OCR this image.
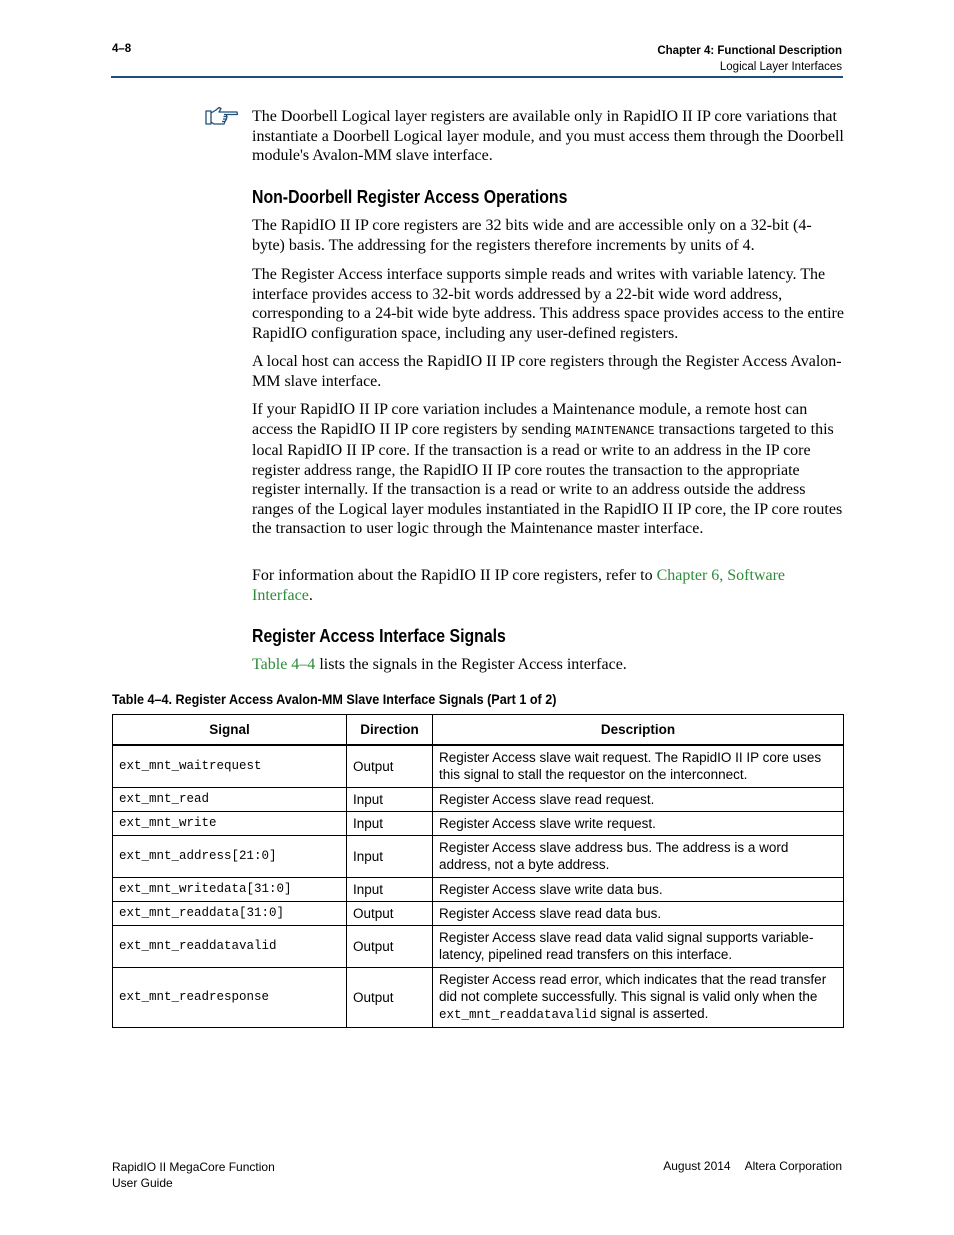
4–8	Chapter 4: Functional Description
Logical Layer Interfaces

The Doorbell Logical layer registers are available only in RapidIO II IP core variations that instantiate a Doorbell Logical layer module, and you must access them through the Doorbell module's Avalon-MM slave interface.

Non-Doorbell Register Access Operations

The RapidIO II IP core registers are 32 bits wide and are accessible only on a 32-bit (4-byte) basis. The addressing for the registers therefore increments by units of 4.

The Register Access interface supports simple reads and writes with variable latency. The interface provides access to 32-bit words addressed by a 22-bit wide word address, corresponding to a 24-bit wide byte address. This address space provides access to the entire RapidIO configuration space, including any user-defined registers.

A local host can access the RapidIO II IP core registers through the Register Access Avalon-MM slave interface.

If your RapidIO II IP core variation includes a Maintenance module, a remote host can access the RapidIO II IP core registers by sending MAINTENANCE transactions targeted to this local RapidIO II IP core. If the transaction is a read or write to an address in the IP core register address range, the RapidIO II IP core routes the transaction to the appropriate register internally. If the transaction is a read or write to an address outside the address ranges of the Logical layer modules instantiated in the RapidIO II IP core, the IP core routes the transaction to user logic through the Maintenance master interface.

For information about the RapidIO II IP core registers, refer to Chapter 6, Software Interface.

Register Access Interface Signals

Table 4–4 lists the signals in the Register Access interface.

Table 4–4. Register Access Avalon-MM Slave Interface Signals (Part 1 of 2)
Signal	Direction	Description
ext_mnt_waitrequest	Output	Register Access slave wait request. The RapidIO II IP core uses this signal to stall the requestor on the interconnect.
ext_mnt_read	Input	Register Access slave read request.
ext_mnt_write	Input	Register Access slave write request.
ext_mnt_address[21:0]	Input	Register Access slave address bus. The address is a word address, not a byte address.
ext_mnt_writedata[31:0]	Input	Register Access slave write data bus.
ext_mnt_readdata[31:0]	Output	Register Access slave read data bus.
ext_mnt_readdatavalid	Output	Register Access slave read data valid signal supports variable-latency, pipelined read transfers on this interface.
ext_mnt_readresponse	Output	Register Access read error, which indicates that the read transfer did not complete successfully. This signal is valid only when the ext_mnt_readdatavalid signal is asserted.
RapidIO II MegaCore Function
User Guide
August 2014 Altera Corporation
